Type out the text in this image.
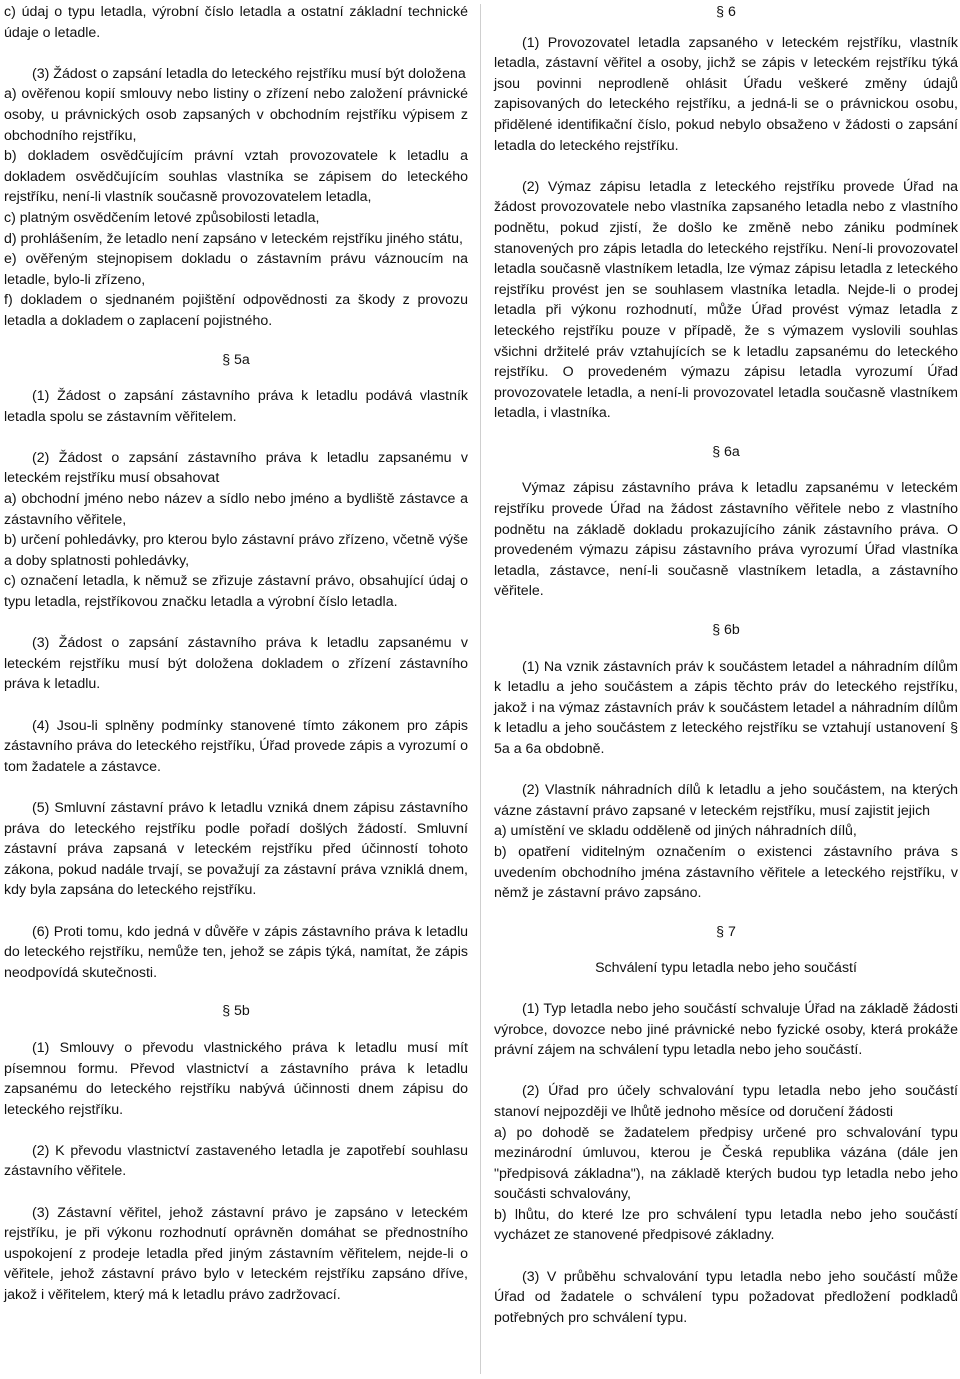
c) údaj o typu letadla, výrobní číslo letadla a ostatní základní technické údaje o letadle.

(3) Žádost o zapsání letadla do leteckého rejstříku musí být doložena

a) ověřenou kopií smlouvy nebo listiny o zřízení nebo založení právnické osoby, u právnických osob zapsaných v obchodním rejstříku výpisem z obchodního rejstříku,

b) dokladem osvědčujícím právní vztah provozovatele k letadlu a dokladem osvědčujícím souhlas vlastníka se zápisem do leteckého rejstříku, není-li vlastník současně provozovatelem letadla,

c) platným osvědčením letové způsobilosti letadla,

d) prohlášením, že letadlo není zapsáno v leteckém rejstříku jiného státu,

e) ověřeným stejnopisem dokladu o zástavním právu váznoucím na letadle, bylo-li zřízeno,

f) dokladem o sjednaném pojištění odpovědnosti za škody z provozu letadla a dokladem o zaplacení pojistného.

§ 5a

(1) Žádost o zapsání zástavního práva k letadlu podává vlastník letadla spolu se zástavním věřitelem.

(2) Žádost o zapsání zástavního práva k letadlu zapsanému v leteckém rejstříku musí obsahovat

a) obchodní jméno nebo název a sídlo nebo jméno a bydliště zástavce a zástavního věřitele,

b) určení pohledávky, pro kterou bylo zástavní právo zřízeno, včetně výše a doby splatnosti pohledávky,

c) označení letadla, k němuž se zřizuje zástavní právo, obsahující údaj o typu letadla, rejstříkovou značku letadla a výrobní číslo letadla.

(3) Žádost o zapsání zástavního práva k letadlu zapsanému v leteckém rejstříku musí být doložena dokladem o zřízení zástavního práva k letadlu.

(4) Jsou-li splněny podmínky stanovené tímto zákonem pro zápis zástavního práva do leteckého rejstříku, Úřad provede zápis a vyrozumí o tom žadatele a zástavce.

(5) Smluvní zástavní právo k letadlu vzniká dnem zápisu zástavního práva do leteckého rejstříku podle pořadí došlých žádostí. Smluvní zástavní práva zapsaná v leteckém rejstříku před účinností tohoto zákona, pokud nadále trvají, se považují za zástavní práva vzniklá dnem, kdy byla zapsána do leteckého rejstříku.

(6) Proti tomu, kdo jedná v důvěře v zápis zástavního práva k letadlu do leteckého rejstříku, nemůže ten, jehož se zápis týká, namítat, že zápis neodpovídá skutečnosti.

§ 5b

(1) Smlouvy o převodu vlastnického práva k letadlu musí mít písemnou formu. Převod vlastnictví a zástavního práva k letadlu zapsanému do leteckého rejstříku nabývá účinnosti dnem zápisu do leteckého rejstříku.

(2) K převodu vlastnictví zastaveného letadla je zapotřebí souhlasu zástavního věřitele.

(3) Zástavní věřitel, jehož zástavní právo je zapsáno v leteckém rejstříku, je při výkonu rozhodnutí oprávněn domáhat se přednostního uspokojení z prodeje letadla před jiným zástavním věřitelem, nejde-li o věřitele, jehož zástavní právo bylo v leteckém rejstříku zapsáno dříve, jakož i věřitelem, který má k letadlu právo zadržovací.

§ 6

(1) Provozovatel letadla zapsaného v leteckém rejstříku, vlastník letadla, zástavní věřitel a osoby, jichž se zápis v leteckém rejstříku týká jsou povinni neprodleně ohlásit Úřadu veškeré změny údajů zapisovaných do leteckého rejstříku, a jedná-li se o právnickou osobu, přidělené identifikační číslo, pokud nebylo obsaženo v žádosti o zapsání letadla do leteckého rejstříku.

(2) Výmaz zápisu letadla z leteckého rejstříku provede Úřad na žádost provozovatele nebo vlastníka zapsaného letadla nebo z vlastního podnětu, pokud zjistí, že došlo ke změně nebo zániku podmínek stanovených pro zápis letadla do leteckého rejstříku. Není-li provozovatel letadla současně vlastníkem letadla, lze výmaz zápisu letadla z leteckého rejstříku provést jen se souhlasem vlastníka letadla. Nejde-li o prodej letadla při výkonu rozhodnutí, může Úřad provést výmaz letadla z leteckého rejstříku pouze v případě, že s výmazem vyslovili souhlas všichni držitelé práv vztahujících se k letadlu zapsanému do leteckého rejstříku. O provedeném výmazu zápisu letadla vyrozumí Úřad provozovatele letadla, a není-li provozovatel letadla současně vlastníkem letadla, i vlastníka.

§ 6a

Výmaz zápisu zástavního práva k letadlu zapsanému v leteckém rejstříku provede Úřad na žádost zástavního věřitele nebo z vlastního podnětu na základě dokladu prokazujícího zánik zástavního práva. O provedeném výmazu zápisu zástavního práva vyrozumí Úřad vlastníka letadla, zástavce, není-li současně vlastníkem letadla, a zástavního věřitele.

§ 6b

(1) Na vznik zástavních práv k součástem letadel a náhradním dílům k letadlu a jeho součástem a zápis těchto práv do leteckého rejstříku, jakož i na výmaz zástavních práv k součástem letadel a náhradním dílům k letadlu a jeho součástem z leteckého rejstříku se vztahují ustanovení § 5a a 6a obdobně.

(2) Vlastník náhradních dílů k letadlu a jeho součástem, na kterých vázne zástavní právo zapsané v leteckém rejstříku, musí zajistit jejich

a) umístění ve skladu odděleně od jiných náhradních dílů,

b) opatření viditelným označením o existenci zástavního práva s uvedením obchodního jména zástavního věřitele a leteckého rejstříku, v němž je zástavní právo zapsáno.

§ 7

Schválení typu letadla nebo jeho součástí

(1) Typ letadla nebo jeho součástí schvaluje Úřad na základě žádosti výrobce, dovozce nebo jiné právnické nebo fyzické osoby, která prokáže právní zájem na schválení typu letadla nebo jeho součástí.

(2) Úřad pro účely schvalování typu letadla nebo jeho součástí stanoví nejpozději ve lhůtě jednoho měsíce od doručení žádosti

a) po dohodě se žadatelem předpisy určené pro schvalování typu mezinárodní úmluvou, kterou je Česká republika vázána (dále jen "předpisová základna"), na základě kterých budou typ letadla nebo jeho součásti schvalovány,

b) lhůtu, do které lze pro schválení typu letadla nebo jeho součástí vycházet ze stanovené předpisové základny.

(3) V průběhu schvalování typu letadla nebo jeho součástí může Úřad od žadatele o schválení typu požadovat předložení podkladů potřebných pro schválení typu.
